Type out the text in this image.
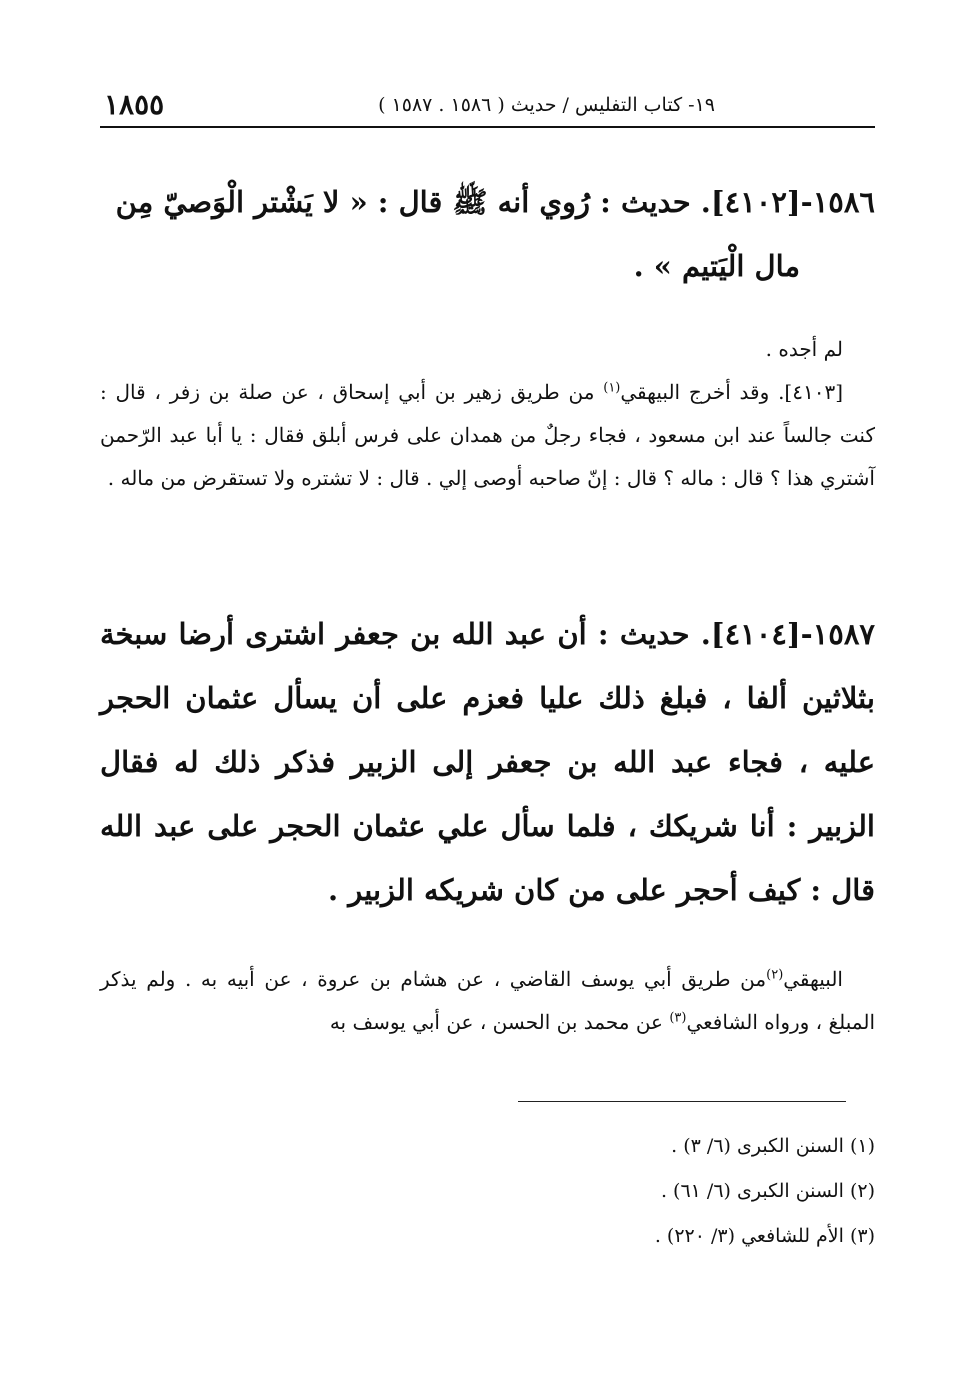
١٩- كتاب التفليس / حديث ( ١٥٨٦ . ١٥٨٧ )
١٨٥٥
١٥٨٦-[٤١٠٢]. حديث : رُوي أنه ﷺ قال : « لا يَشْتر الْوَصيّ مِن
مال الْيَتيم » .
لم أجده .

[٤١٠٣]. وقد أخرج البيهقي$^{(١)}$ من طريق زهير بن أبي إسحاق ، عن صلة بن زفر ، قال : كنت جالساً عند ابن مسعود ، فجاء رجلٌ من همدان على فرس أبلق فقال : يا أبا عبد الرّحمن آشتري هذا ؟ قال : ماله ؟ قال : إنّ صاحبه أوصى إلي . قال : لا تشتره ولا تستقرض من ماله .

١٥٨٧-[٤١٠٤]. حديث : أن عبد الله بن جعفر اشترى أرضا سبخة بثلاثين ألفا ، فبلغ ذلك عليا فعزم على أن يسأل عثمان الحجر عليه ، فجاء عبد الله بن جعفر إلى الزبير فذكر ذلك له فقال الزبير : أنا شريكك ، فلما سأل علي عثمان الحجر على عبد الله قال : كيف أحجر على من كان شريكه الزبير .

البيهقي$^{(٢)}$من طريق أبي يوسف القاضي ، عن هشام بن عروة ، عن أبيه به . ولم يذكر المبلغ ، ورواه الشافعي$^{(٣)}$ عن محمد بن الحسن ، عن أبي يوسف به

(١) السنن الكبرى (٦/ ٣) .
(٢) السنن الكبرى (٦/ ٦١) .
(٣) الأم للشافعي (٣/ ٢٢٠) .
